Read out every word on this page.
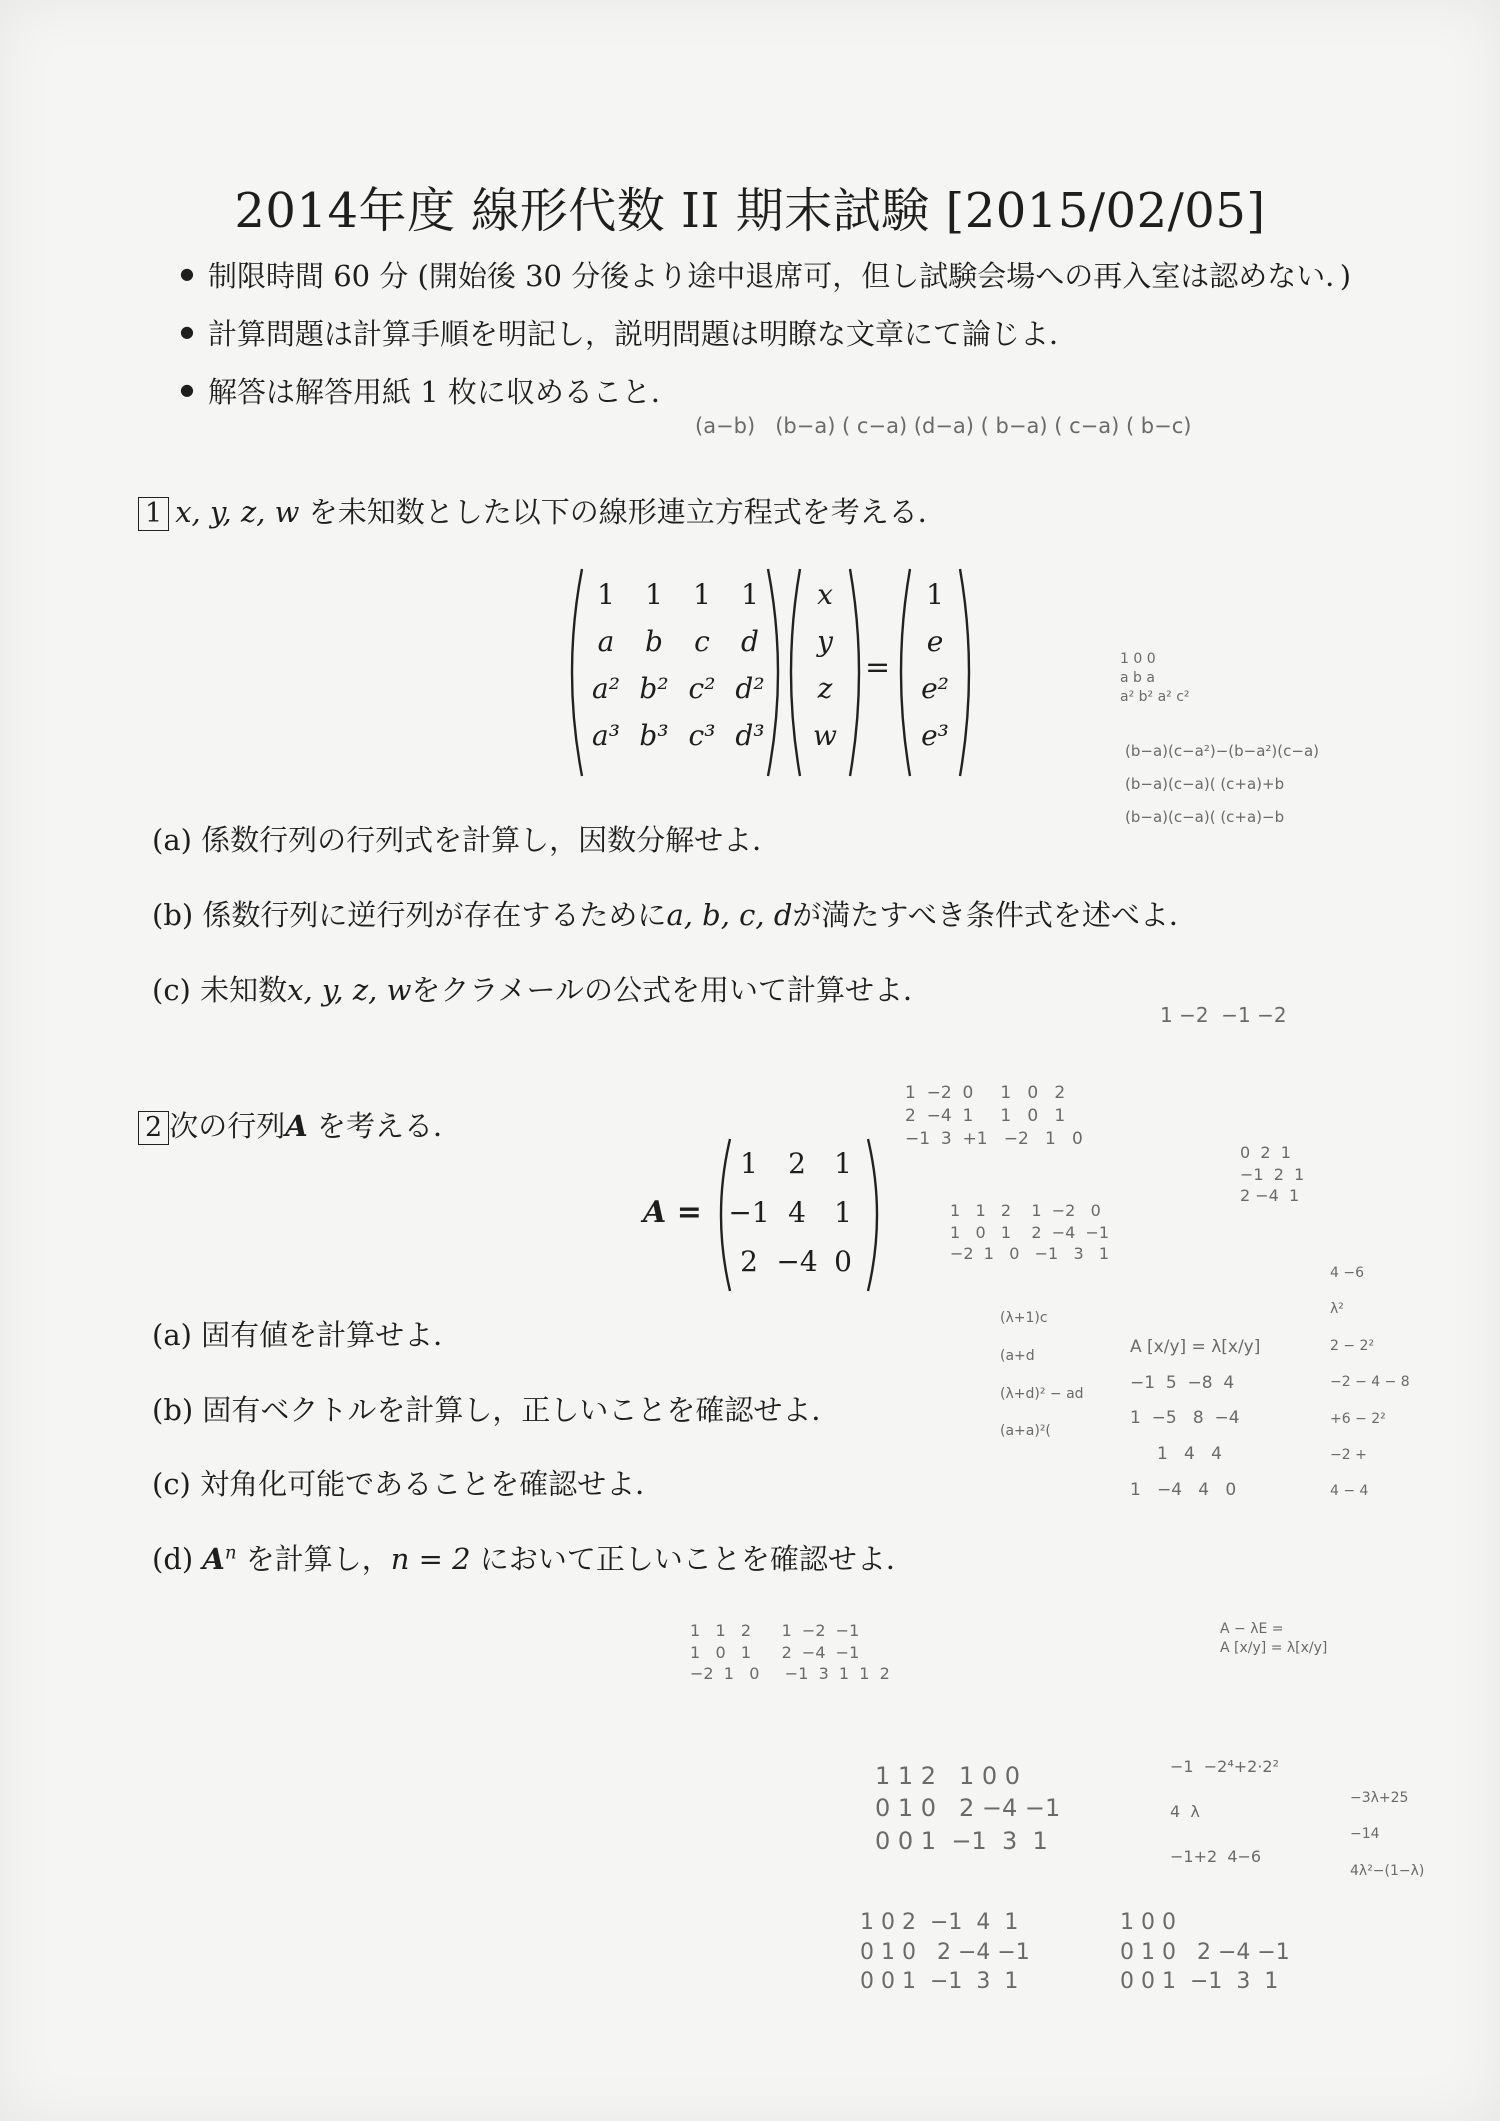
2014年度 線形代数 II 期末試験 [2015/02/05]
● 制限時間 60 分 (開始後 30 分後より途中退席可，但し試験会場への再入室は認めない．)
● 計算問題は計算手順を明記し，説明問題は明瞭な文章にて論じよ．
● 解答は解答用紙 1 枚に収めること．
1 x, y, z, w を未知数とした以下の線形連立方程式を考える．
1	1	1	1
a	b	c	d
a² b² c² d²
a³ b³ c³ d³
x
y
z
w
=
1
e
e²
e³
(a) 係数行列の行列式を計算し，因数分解せよ．
(b) 係数行列に逆行列が存在するためにa, b, c, dが満たすべき条件式を述べよ．
(c) 未知数x, y, z, wをクラメールの公式を用いて計算せよ．
2 次の行列A を考える．
A =
1	2	1
−1 4	1
2 −4 0
(a) 固有値を計算せよ．
(b) 固有ベクトルを計算し，正しいことを確認せよ．
(c) 対角化可能であることを確認せよ．
(d) $A^n$ を計算し，n = 2 において正しいことを確認せよ．
(a−b)   (b−a) ( c−a) (d−a) ( b−a) ( c−a) ( b−c)
1 0 0
a b a
a² b² a² c²
(b−a)(c−a²)−(b−a²)(c−a)
(b−a)(c−a)( (c+a)+b
(b−a)(c−a)( (c+a)−b
1 −2  −1 −2
1  −2  0     1   0   2
2  −4  1     1   0   1
−1  3  +1   −2   1   0
1   1   2    1  −2   0
1   0   1    2  −4  −1
−2  1   0   −1   3   1
0  2  1
−1  2  1
2 −4  1
(λ+1)c
(a+d
(λ+d)² − ad
(a+a)²(
A [x/y] = λ[x/y]
−1  5  −8  4
1  −5   8  −4
1   4   4
1   −4   4   0
A − λE =
A [x/y] = λ[x/y]
4 −6
λ²
2 − 2²
−2 − 4 − 8
+6 − 2²
−2 +
4 − 4
1   1   2      1  −2  −1
1   0   1      2  −4  −1
−2  1   0     −1  3  1  1  2
1 1 2   1 0 0
0 1 0   2 −4 −1
0 0 1  −1  3  1
−1  −2⁴+2·2²
4  λ
−1+2  4−6
1 0 2  −1  4  1
0 1 0   2 −4 −1
0 0 1  −1  3  1
1 0 0
0 1 0   2 −4 −1
0 0 1  −1  3  1
−3λ+25
−14
4λ²−(1−λ)
